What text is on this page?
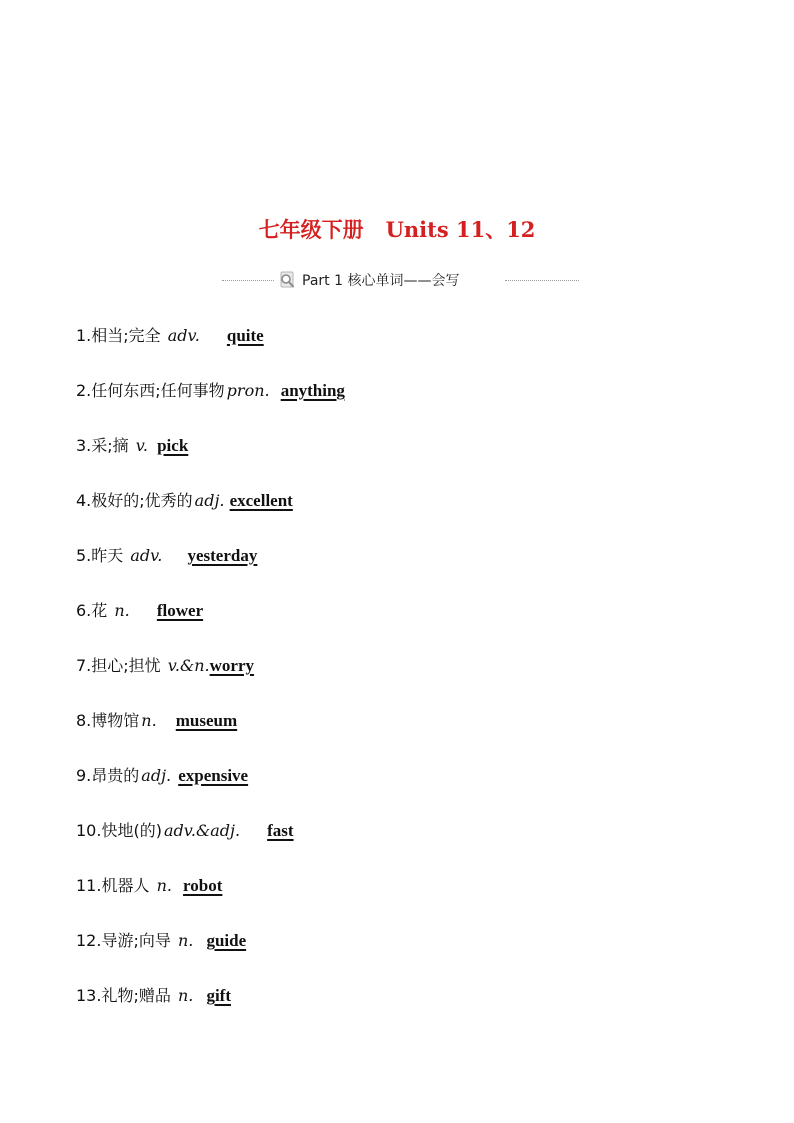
七年级下册 Units 11、12
Part 1 核心单词——会写
1.相当;完全 adv. quite
2.任何东西;任何事物 pron. anything
3.采;摘 v. pick
4.极好的;优秀的 adj. excellent
5.昨天 adv. yesterday
6.花 n. flower
7.担心;担忧 v.&n.worry
8.博物馆 n. museum
9.昂贵的 adj. expensive
10.快地(的) adv.&adj. fast
11.机器人 n. robot
12.导游;向导 n. guide
13.礼物;赠品 n. gift
